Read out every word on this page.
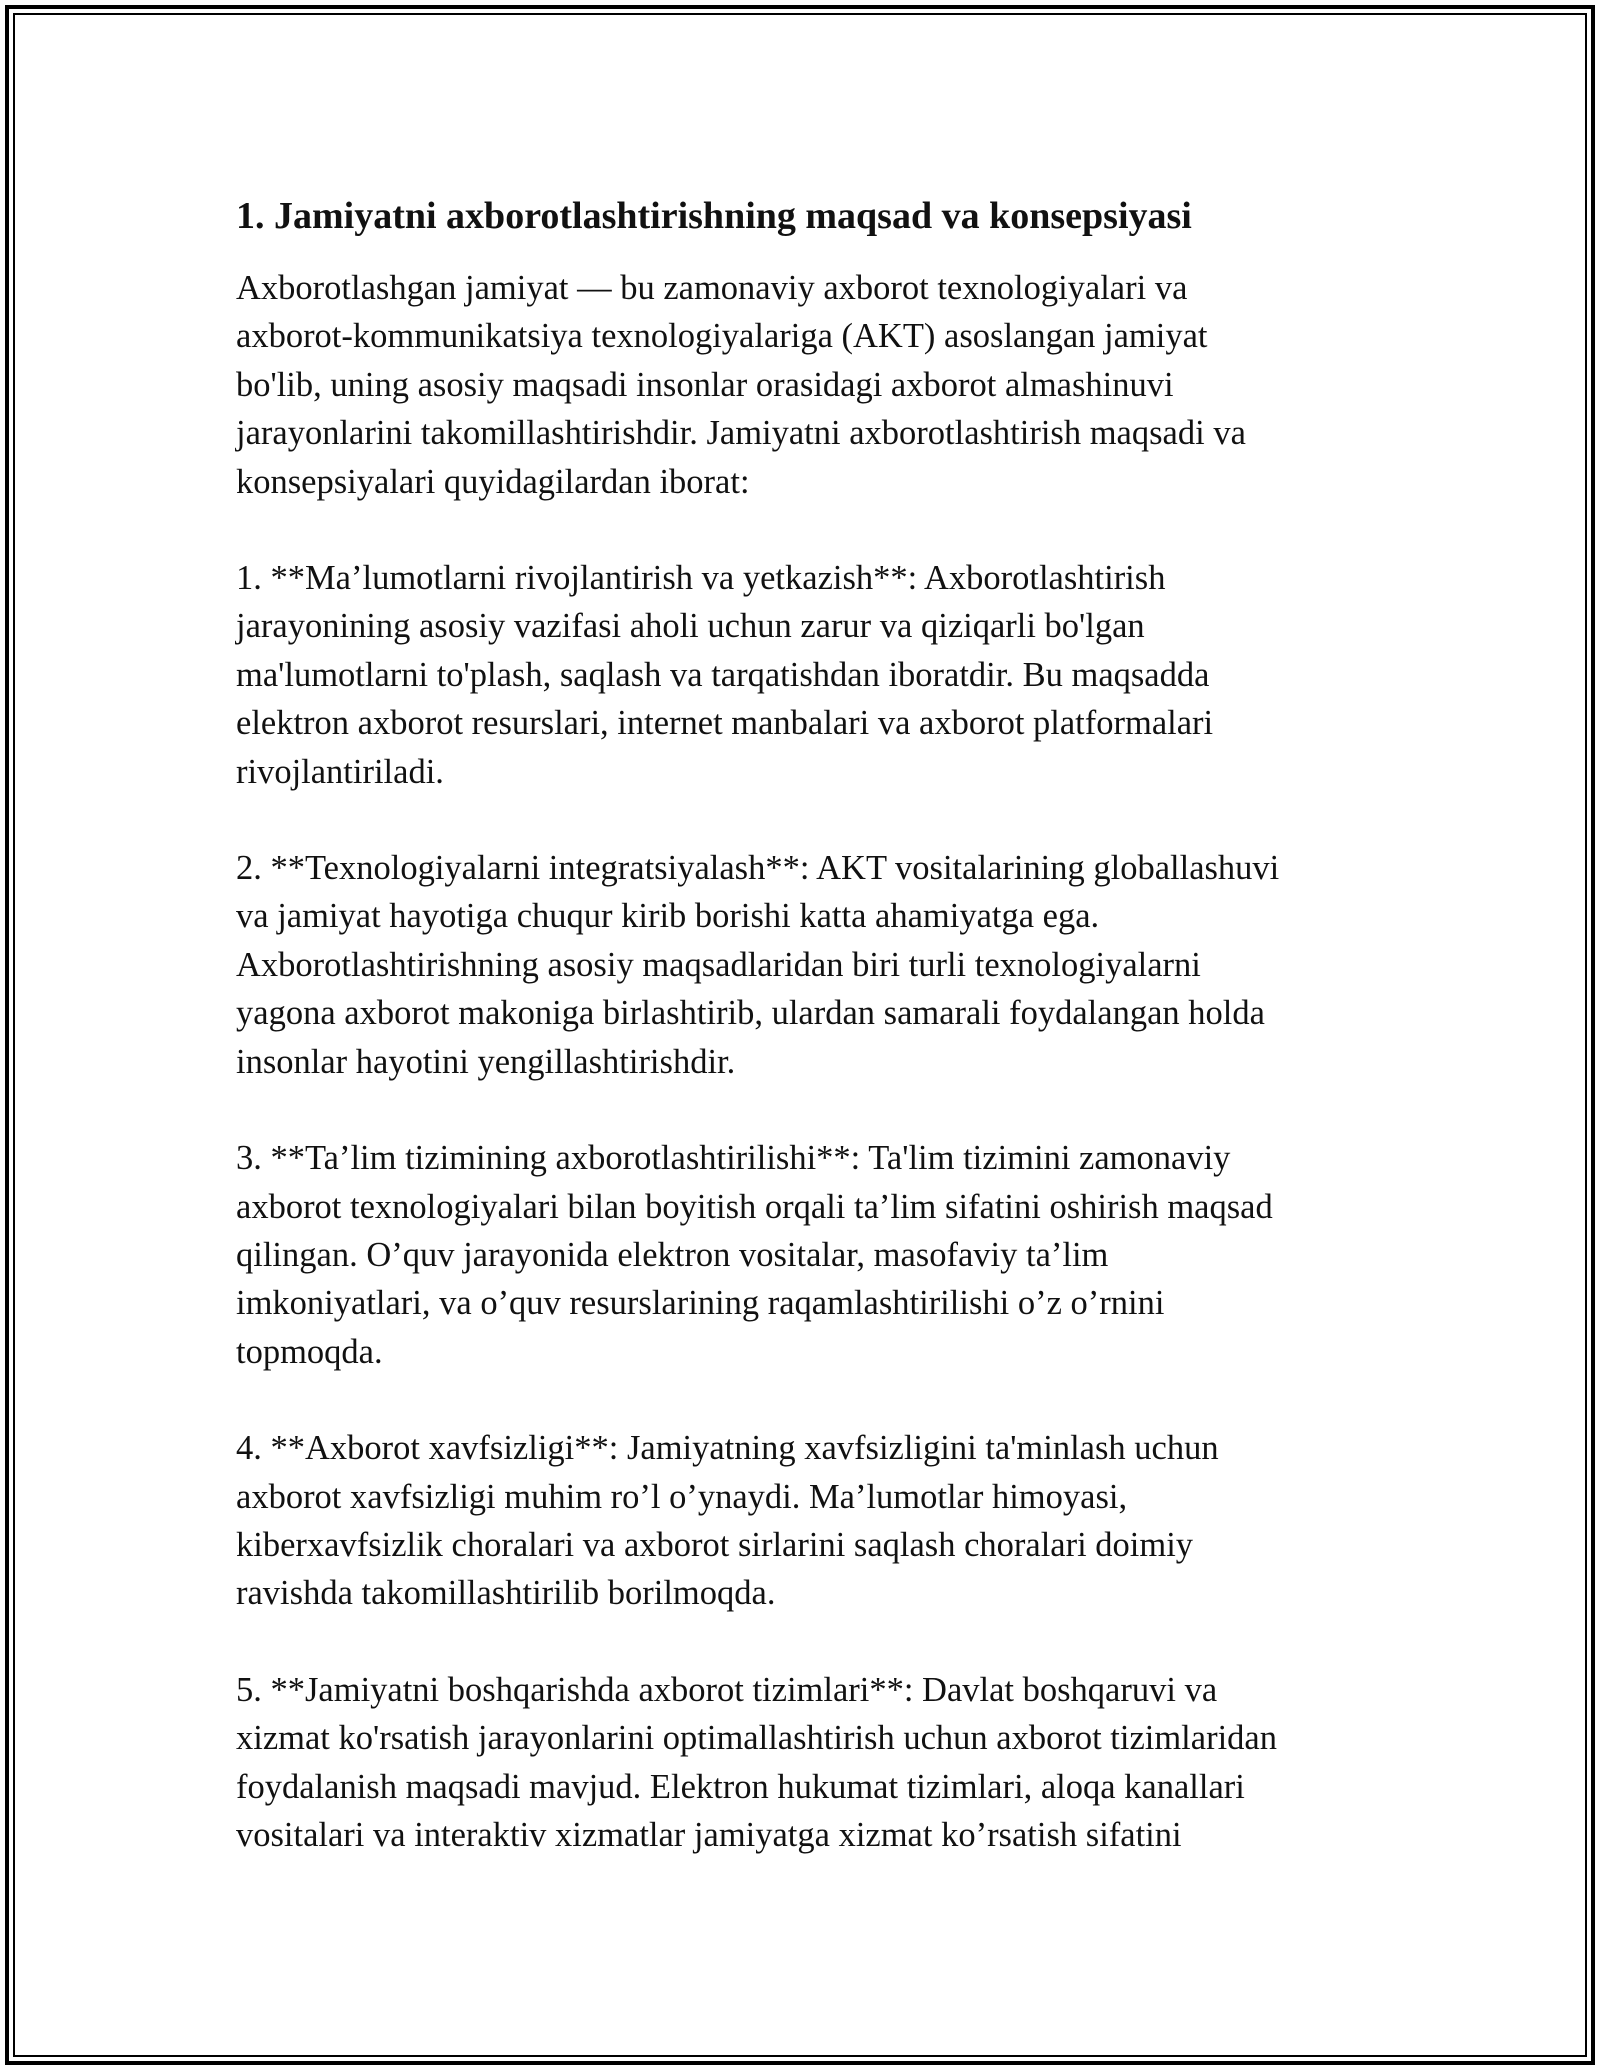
1. Jamiyatni axborotlashtirishning maqsad va konsepsiyasi

Axborotlashgan jamiyat — bu zamonaviy axborot texnologiyalari va
axborot-kommunikatsiya texnologiyalariga (AKT) asoslangan jamiyat
bo'lib, uning asosiy maqsadi insonlar orasidagi axborot almashinuvi
jarayonlarini takomillashtirishdir. Jamiyatni axborotlashtirish maqsadi va
konsepsiyalari quyidagilardan iborat:

1. **Ma’lumotlarni rivojlantirish va yetkazish**: Axborotlashtirish
jarayonining asosiy vazifasi aholi uchun zarur va qiziqarli bo'lgan
ma'lumotlarni to'plash, saqlash va tarqatishdan iboratdir. Bu maqsadda
elektron axborot resurslari, internet manbalari va axborot platformalari
rivojlantiriladi.

2. **Texnologiyalarni integratsiyalash**: AKT vositalarining globallashuvi
va jamiyat hayotiga chuqur kirib borishi katta ahamiyatga ega.
Axborotlashtirishning asosiy maqsadlaridan biri turli texnologiyalarni
yagona axborot makoniga birlashtirib, ulardan samarali foydalangan holda
insonlar hayotini yengillashtirishdir.

3. **Ta’lim tizimining axborotlashtirilishi**: Ta'lim tizimini zamonaviy
axborot texnologiyalari bilan boyitish orqali ta’lim sifatini oshirish maqsad
qilingan. O’quv jarayonida elektron vositalar, masofaviy ta’lim
imkoniyatlari, va o’quv resurslarining raqamlashtirilishi o’z o’rnini
topmoqda.

4. **Axborot xavfsizligi**: Jamiyatning xavfsizligini ta'minlash uchun
axborot xavfsizligi muhim ro’l o’ynaydi. Ma’lumotlar himoyasi,
kiberxavfsizlik choralari va axborot sirlarini saqlash choralari doimiy
ravishda takomillashtirilib borilmoqda.

5. **Jamiyatni boshqarishda axborot tizimlari**: Davlat boshqaruvi va
xizmat ko'rsatish jarayonlarini optimallashtirish uchun axborot tizimlaridan
foydalanish maqsadi mavjud. Elektron hukumat tizimlari, aloqa kanallari
vositalari va interaktiv xizmatlar jamiyatga xizmat ko’rsatish sifatini
